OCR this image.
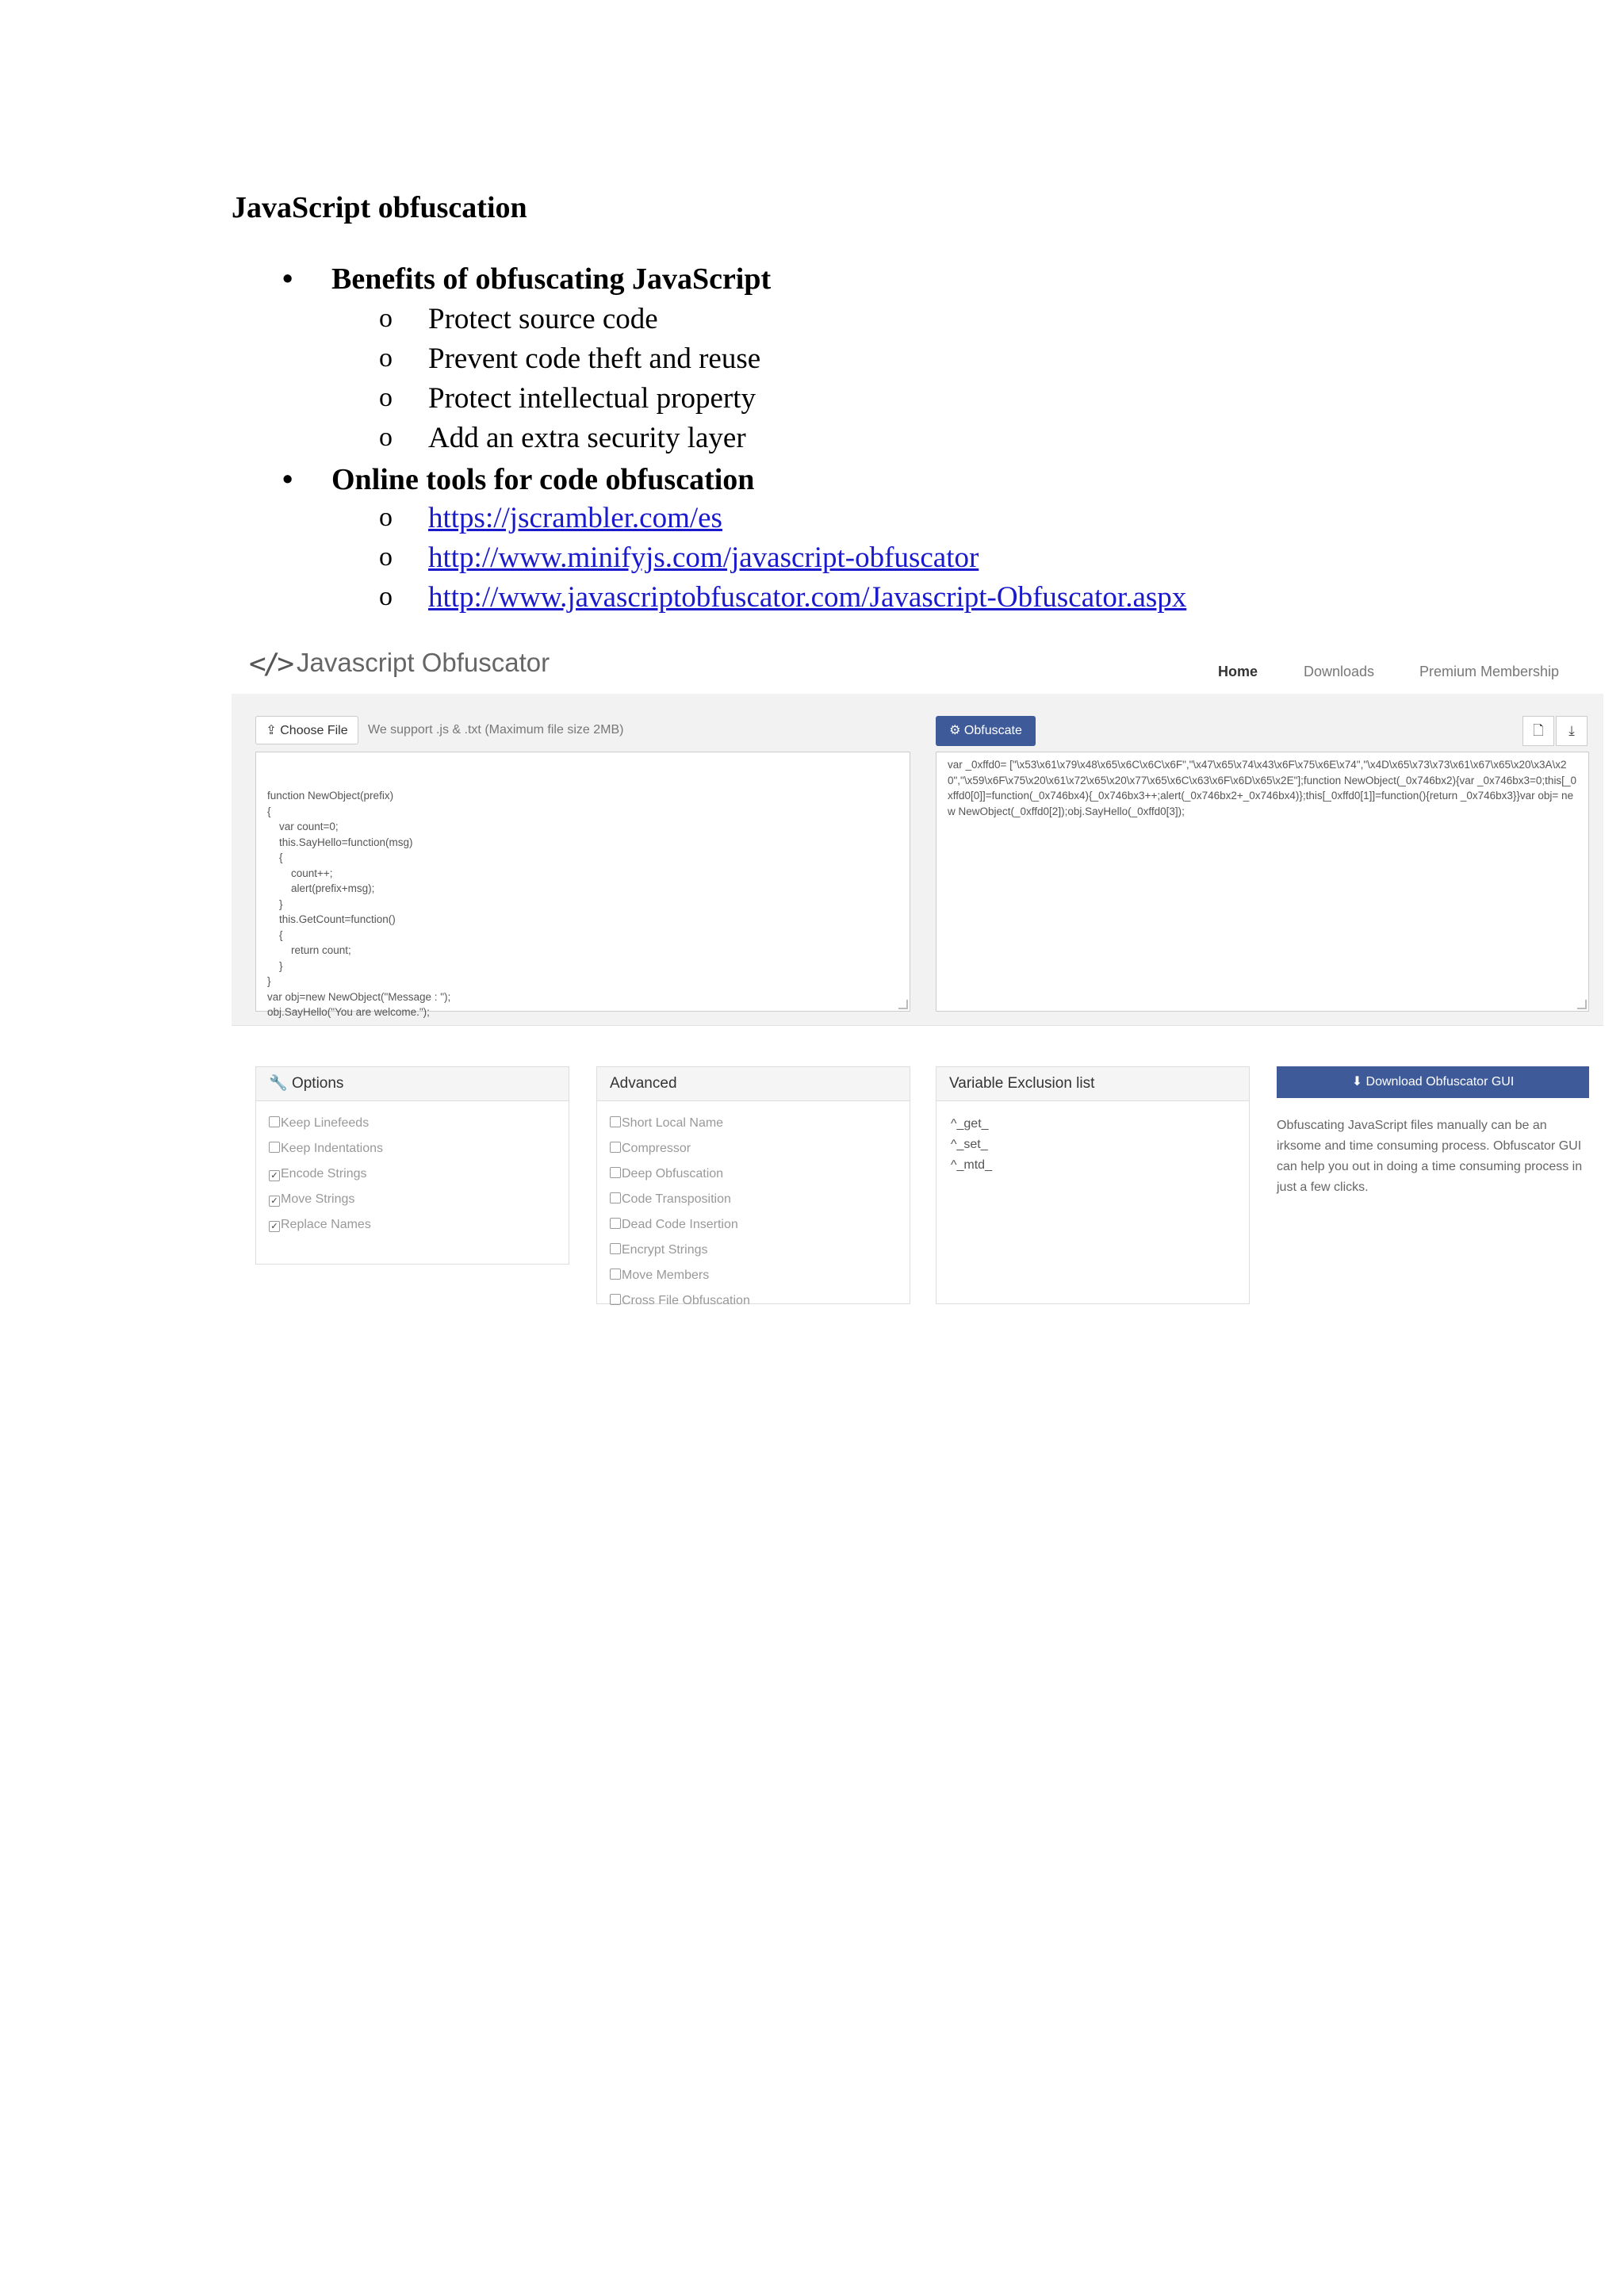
JavaScript obfuscation
• Benefits of obfuscating JavaScript
o Protect source code
o Prevent code theft and reuse
o Protect intellectual property
o Add an extra security layer
• Online tools for code obfuscation
o https://jscrambler.com/es
o http://www.minifyjs.com/javascript-obfuscator
o http://www.javascriptobfuscator.com/Javascript-Obfuscator.aspx
</> Javascript Obfuscator	Home	Downloads	Premium Membership
⇪ Choose File	We support .js & .txt (Maximum file size 2MB)	⚙ Obfuscate	🗋	⤓

function NewObject(prefix)
{
var count=0;
this.SayHello=function(msg)
{
count++;
alert(prefix+msg);
}
this.GetCount=function()
{
return count;
}
}
var obj=new NewObject("Message : ");
obj.SayHello("You are welcome.");

var _0xffd0= ["\x53\x61\x79\x48\x65\x6C\x6C\x6F","\x47\x65\x74\x43\x6F\x75\x6E\x74","\x4D\x65\x73\x73\x61\x67\x65\x20\x3A\x20","\x59\x6F\x75\x20\x61\x72\x65\x20\x77\x65\x6C\x63\x6F\x6D\x65\x2E"];function NewObject(_0x746bx2){var _0x746bx3=0;this[_0xffd0[0]]=function(_0x746bx4){_0x746bx3++;alert(_0x746bx2+_0x746bx4)};this[_0xffd0[1]]=function(){return _0x746bx3}}var obj= new NewObject(_0xffd0[2]);obj.SayHello(_0xffd0[3]);
🔧 Options
Keep Linefeeds
Keep Indentations
✓ Encode Strings
✓ Move Strings
✓ Replace Names
Advanced
Short Local Name
Compressor
Deep Obfuscation
Code Transposition
Dead Code Insertion
Encrypt Strings
Move Members
Cross File Obfuscation
Variable Exclusion list
^_get_
^_set_
^_mtd_
⬇ Download Obfuscator GUI
Obfuscating JavaScript files manually can be an irksome and time consuming process. Obfuscator GUI can help you out in doing a time consuming process in just a few clicks.
